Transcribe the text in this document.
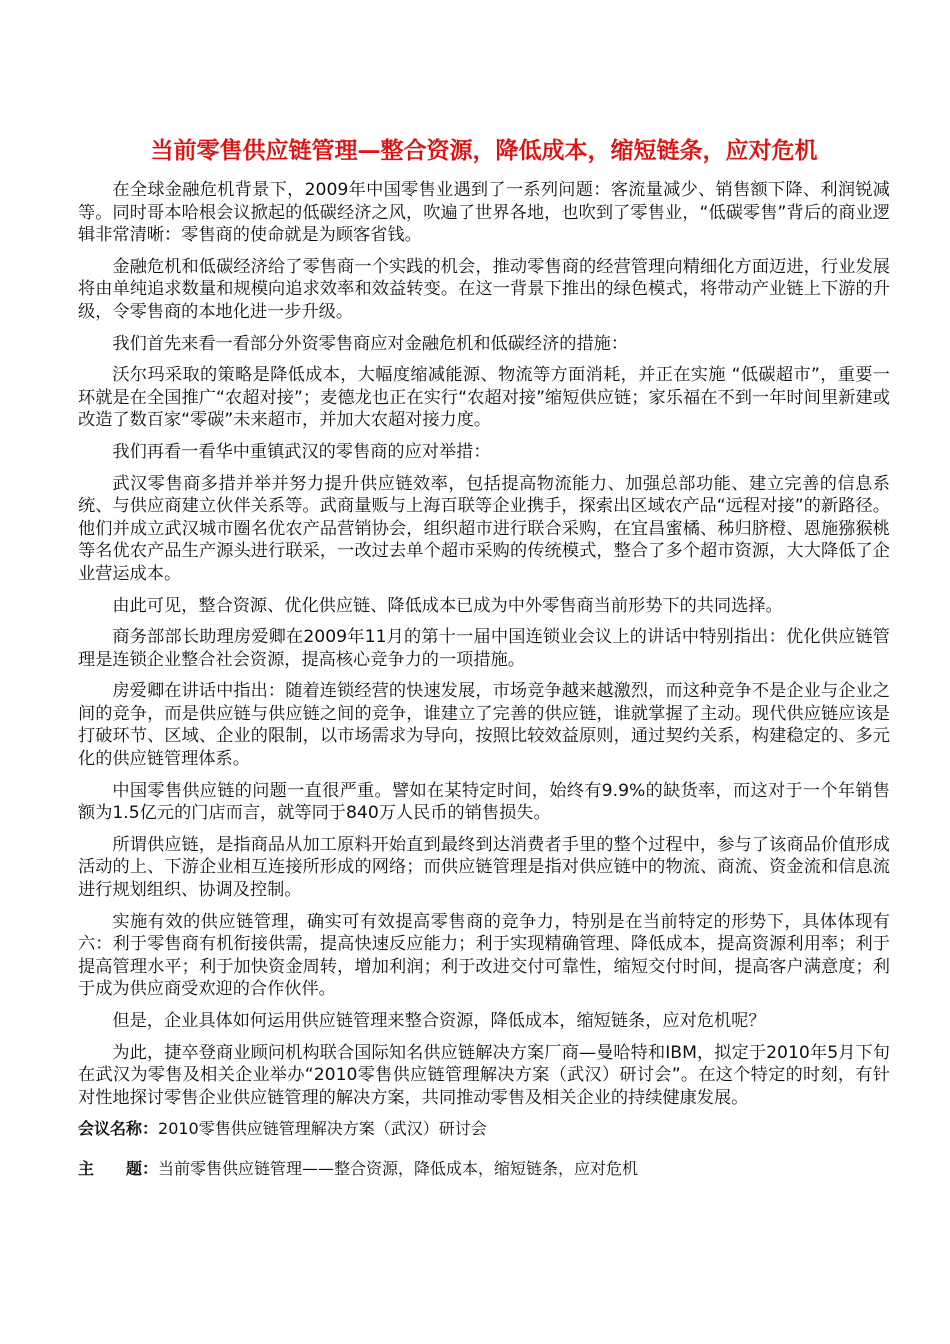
当前零售供应链管理—整合资源，降低成本，缩短链条，应对危机

在全球金融危机背景下，2009年中国零售业遇到了一系列问题：客流量减少、销售额下降、利润锐减等。同时哥本哈根会议掀起的低碳经济之风，吹遍了世界各地，也吹到了零售业，“低碳零售”背后的商业逻辑非常清晰：零售商的使命就是为顾客省钱。

金融危机和低碳经济给了零售商一个实践的机会，推动零售商的经营管理向精细化方面迈进，行业发展将由单纯追求数量和规模向追求效率和效益转变。在这一背景下推出的绿色模式，将带动产业链上下游的升级，令零售商的本地化进一步升级。

我们首先来看一看部分外资零售商应对金融危机和低碳经济的措施：

沃尔玛采取的策略是降低成本，大幅度缩减能源、物流等方面消耗，并正在实施 “低碳超市”，重要一环就是在全国推广“农超对接”；麦德龙也正在实行“农超对接”缩短供应链；家乐福在不到一年时间里新建或改造了数百家“零碳”未来超市，并加大农超对接力度。

我们再看一看华中重镇武汉的零售商的应对举措：

武汉零售商多措并举并努力提升供应链效率，包括提高物流能力、加强总部功能、建立完善的信息系统、与供应商建立伙伴关系等。武商量贩与上海百联等企业携手，探索出区域农产品“远程对接”的新路径。他们并成立武汉城市圈名优农产品营销协会，组织超市进行联合采购，在宜昌蜜橘、秭归脐橙、恩施猕猴桃等名优农产品生产源头进行联采，一改过去单个超市采购的传统模式，整合了多个超市资源，大大降低了企业营运成本。

由此可见，整合资源、优化供应链、降低成本已成为中外零售商当前形势下的共同选择。

商务部部长助理房爱卿在2009年11月的第十一届中国连锁业会议上的讲话中特别指出：优化供应链管理是连锁企业整合社会资源，提高核心竞争力的一项措施。

房爱卿在讲话中指出：随着连锁经营的快速发展，市场竞争越来越激烈，而这种竞争不是企业与企业之间的竞争，而是供应链与供应链之间的竞争，谁建立了完善的供应链，谁就掌握了主动。现代供应链应该是打破环节、区域、企业的限制，以市场需求为导向，按照比较效益原则，通过契约关系，构建稳定的、多元化的供应链管理体系。

中国零售供应链的问题一直很严重。譬如在某特定时间，始终有9.9%的缺货率，而这对于一个年销售额为1.5亿元的门店而言，就等同于840万人民币的销售损失。

所谓供应链，是指商品从加工原料开始直到最终到达消费者手里的整个过程中，参与了该商品价值形成活动的上、下游企业相互连接所形成的网络；而供应链管理是指对供应链中的物流、商流、资金流和信息流进行规划组织、协调及控制。

实施有效的供应链管理，确实可有效提高零售商的竞争力，特别是在当前特定的形势下，具体体现有六：利于零售商有机衔接供需，提高快速反应能力；利于实现精确管理、降低成本，提高资源利用率；利于提高管理水平；利于加快资金周转，增加利润；利于改进交付可靠性，缩短交付时间，提高客户满意度；利于成为供应商受欢迎的合作伙伴。

但是，企业具体如何运用供应链管理来整合资源，降低成本，缩短链条，应对危机呢？

为此，捷卒登商业顾问机构联合国际知名供应链解决方案厂商—曼哈特和IBM，拟定于2010年5月下旬在武汉为零售及相关企业举办“2010零售供应链管理解决方案（武汉）研讨会”。在这个特定的时刻，有针对性地探讨零售企业供应链管理的解决方案，共同推动零售及相关企业的持续健康发展。

会议名称：2010零售供应链管理解决方案（武汉）研讨会

主　　题：当前零售供应链管理——整合资源，降低成本，缩短链条，应对危机
